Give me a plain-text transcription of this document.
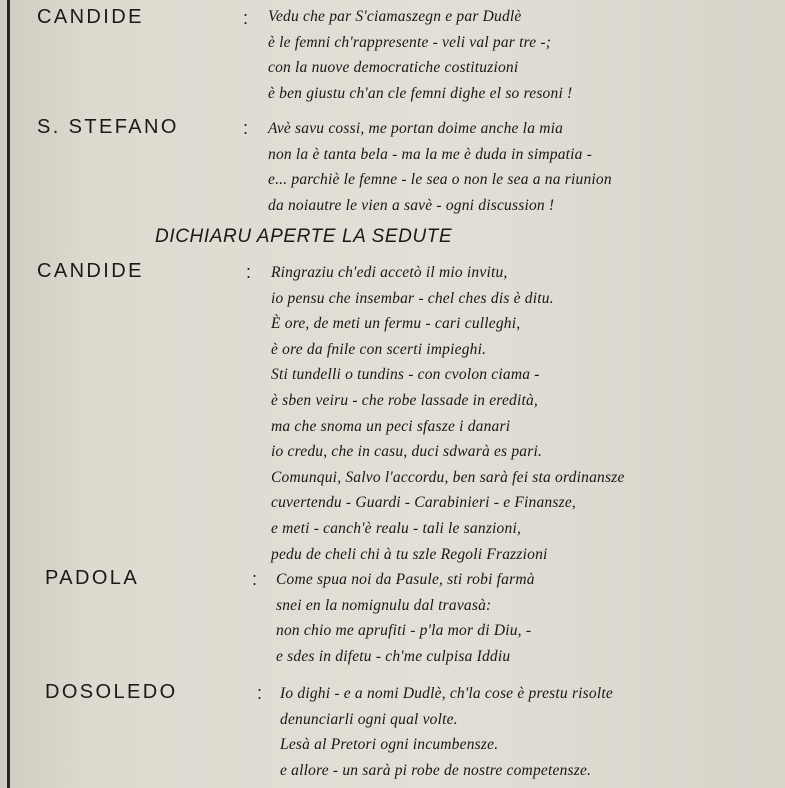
CANDIDE	: Vedu che par S'ciamaszegn e par Dudlè
è le femni ch'rappresente - veli val par tre -;
con la nuove democratiche costituzioni
è ben giustu ch'an cle femni dighe el so resoni !
S. STEFANO	: Avè savu cossi, me portan doime anche la mia
non la è tanta bela - ma la me è duda in simpatia -
e... parchiè le femne - le sea o non le sea a na riunion
da noiautre le vien a savè - ogni discussion !
DICHIARU APERTE LA SEDUTE
CANDIDE	: Ringraziu ch'edi accetò il mio invitu,
io pensu che insembar - chel ches dis è ditu.
È ore, de meti un fermu - cari culleghi,
è ore da fnile con scerti impieghi.
Sti tundelli o tundins - con cvolon ciama -
è sben veiru - che robe lassade in eredità,
ma che snoma un peci sfasze i danari
io credu, che in casu, duci sdwarà es pari.
Comunqui, Salvo l'accordu, ben sarà fei sta ordinansze
cuvertendu - Guardi - Carabinieri - e Finansze,
e meti - canch'è realu - tali le sanzioni,
pedu de cheli chi à tu szle Regoli Frazzioni
PADOLA	: Come spua noi da Pasule, sti robi farmà
snei en la nomignulu dal travasà:
non chio me aprufiti - p'la mor di Diu, -
e sdes in difetu - ch'me culpisa Iddiu
DOSOLEDO	: Io dighi - e a nomi Dudlè, ch'la cose è prestu risolte
denunciarli ogni qual volte.
Lesà al Pretori ogni incumbensze.
e allore - un sarà pi robe de nostre competensze.
